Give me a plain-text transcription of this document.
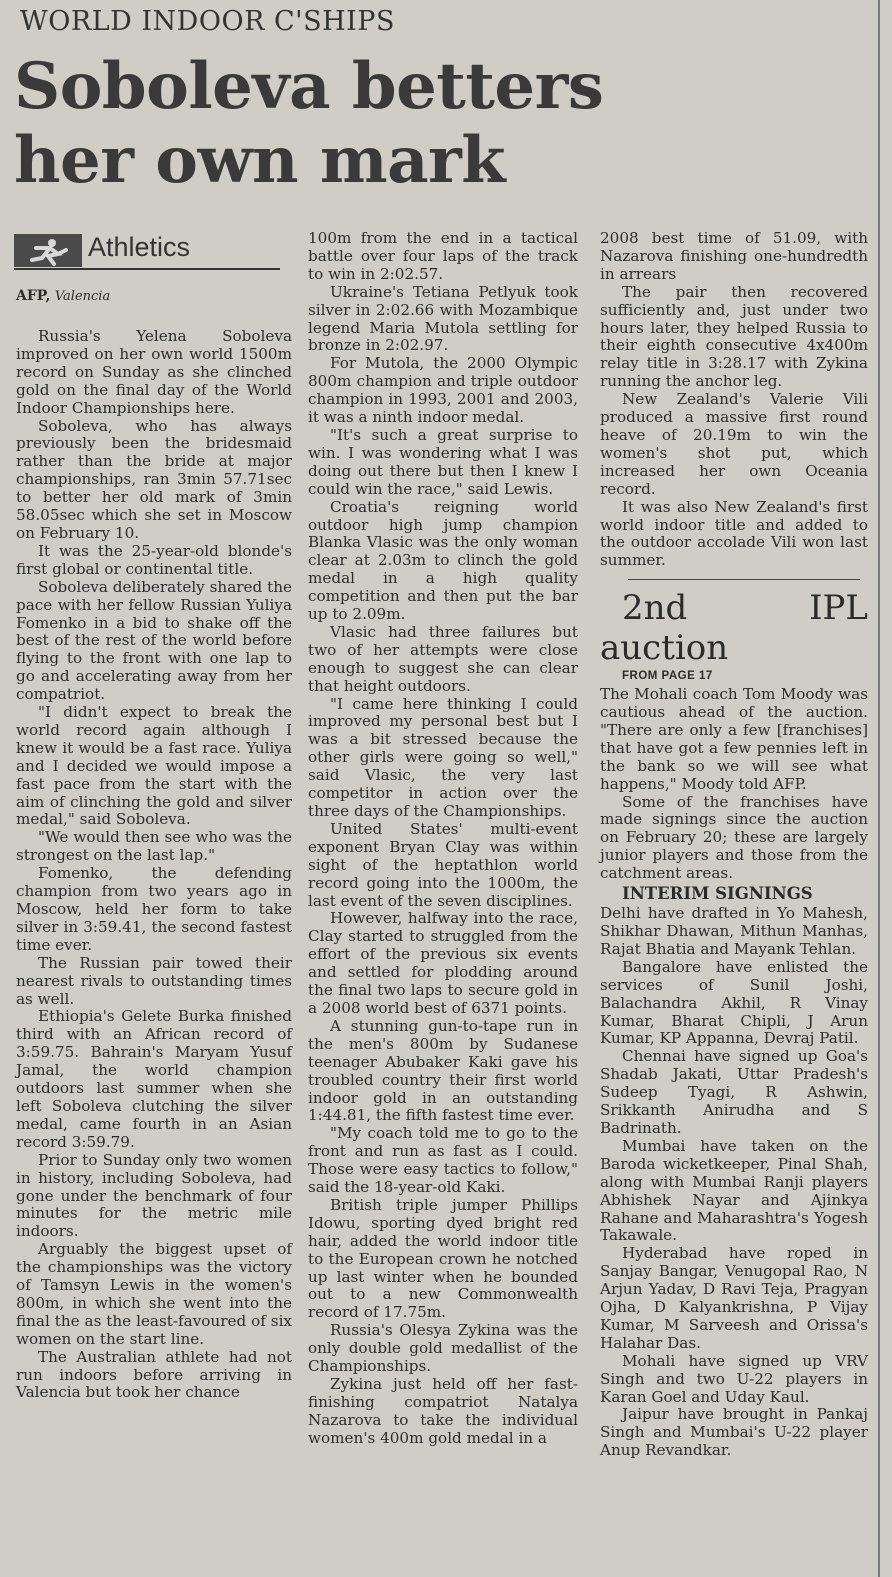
WORLD INDOOR C'SHIPS
Soboleva betters
her own mark
Athletics
AFP, Valencia

Russia's Yelena Soboleva improved on her own world 1500m record on Sunday as she clinched gold on the final day of the World Indoor Championships here.

Soboleva, who has always previously been the bridesmaid rather than the bride at major championships, ran 3min 57.71sec to better her old mark of 3min 58.05sec which she set in Moscow on February 10.

It was the 25-year-old blonde's first global or continental title.

Soboleva deliberately shared the pace with her fellow Russian Yuliya Fomenko in a bid to shake off the best of the rest of the world before flying to the front with one lap to go and accelerating away from her compatriot.

"I didn't expect to break the world record again although I knew it would be a fast race. Yuliya and I decided we would impose a fast pace from the start with the aim of clinching the gold and silver medal," said Soboleva.

"We would then see who was the strongest on the last lap."

Fomenko, the defending champion from two years ago in Moscow, held her form to take silver in 3:59.41, the second fastest time ever.

The Russian pair towed their nearest rivals to outstanding times as well.

Ethiopia's Gelete Burka finished third with an African record of 3:59.75. Bahrain's Maryam Yusuf Jamal, the world champion outdoors last summer when she left Soboleva clutching the silver medal, came fourth in an Asian record 3:59.79.

Prior to Sunday only two women in history, including Soboleva, had gone under the benchmark of four minutes for the metric mile indoors.

Arguably the biggest upset of the championships was the victory of Tamsyn Lewis in the women's 800m, in which she went into the final the as the least-favoured of six women on the start line.

The Australian athlete had not run indoors before arriving in Valencia but took her chance

100m from the end in a tactical battle over four laps of the track to win in 2:02.57.

Ukraine's Tetiana Petlyuk took silver in 2:02.66 with Mozambique legend Maria Mutola settling for bronze in 2:02.97.

For Mutola, the 2000 Olympic 800m champion and triple outdoor champion in 1993, 2001 and 2003, it was a ninth indoor medal.

"It's such a great surprise to win. I was wondering what I was doing out there but then I knew I could win the race," said Lewis.

Croatia's reigning world outdoor high jump champion Blanka Vlasic was the only woman clear at 2.03m to clinch the gold medal in a high quality competition and then put the bar up to 2.09m.

Vlasic had three failures but two of her attempts were close enough to suggest she can clear that height outdoors.

"I came here thinking I could improved my personal best but I was a bit stressed because the other girls were going so well," said Vlasic, the very last competitor in action over the three days of the Championships.

United States' multi-event exponent Bryan Clay was within sight of the heptathlon world record going into the 1000m, the last event of the seven disciplines.

However, halfway into the race, Clay started to struggled from the effort of the previous six events and settled for plodding around the final two laps to secure gold in a 2008 world best of 6371 points.

A stunning gun-to-tape run in the men's 800m by Sudanese teenager Abubaker Kaki gave his troubled country their first world indoor gold in an outstanding 1:44.81, the fifth fastest time ever.

"My coach told me to go to the front and run as fast as I could. Those were easy tactics to follow," said the 18-year-old Kaki.

British triple jumper Phillips Idowu, sporting dyed bright red hair, added the world indoor title to the European crown he notched up last winter when he bounded out to a new Commonwealth record of 17.75m.

Russia's Olesya Zykina was the only double gold medallist of the Championships.

Zykina just held off her fast-finishing compatriot Natalya Nazarova to take the individual women's 400m gold medal in a

2008 best time of 51.09, with Nazarova finishing one-hundredth in arrears

The pair then recovered sufficiently and, just under two hours later, they helped Russia to their eighth consecutive 4x400m relay title in 3:28.17 with Zykina running the anchor leg.

New Zealand's Valerie Vili produced a massive first round heave of 20.19m to win the women's shot put, which increased her own Oceania record.

It was also New Zealand's first world indoor title and added to the outdoor accolade Vili won last summer.

2nd IPL auction

FROM PAGE 17

The Mohali coach Tom Moody was cautious ahead of the auction. "There are only a few [franchises] that have got a few pennies left in the bank so we will see what happens," Moody told AFP.

Some of the franchises have made signings since the auction on February 20; these are largely junior players and those from the catchment areas.

INTERIM SIGNINGS

Delhi have drafted in Yo Mahesh, Shikhar Dhawan, Mithun Manhas, Rajat Bhatia and Mayank Tehlan.

Bangalore have enlisted the services of Sunil Joshi, Balachandra Akhil, R Vinay Kumar, Bharat Chipli, J Arun Kumar, KP Appanna, Devraj Patil.

Chennai have signed up Goa's Shadab Jakati, Uttar Pradesh's Sudeep Tyagi, R Ashwin, Srikkanth Anirudha and S Badrinath.

Mumbai have taken on the Baroda wicketkeeper, Pinal Shah, along with Mumbai Ranji players Abhishek Nayar and Ajinkya Rahane and Maharashtra's Yogesh Takawale.

Hyderabad have roped in Sanjay Bangar, Venugopal Rao, N Arjun Yadav, D Ravi Teja, Pragyan Ojha, D Kalyankrishna, P Vijay Kumar, M Sarveesh and Orissa's Halahar Das.

Mohali have signed up VRV Singh and two U-22 players in Karan Goel and Uday Kaul.

Jaipur have brought in Pankaj Singh and Mumbai's U-22 player Anup Revandkar.
